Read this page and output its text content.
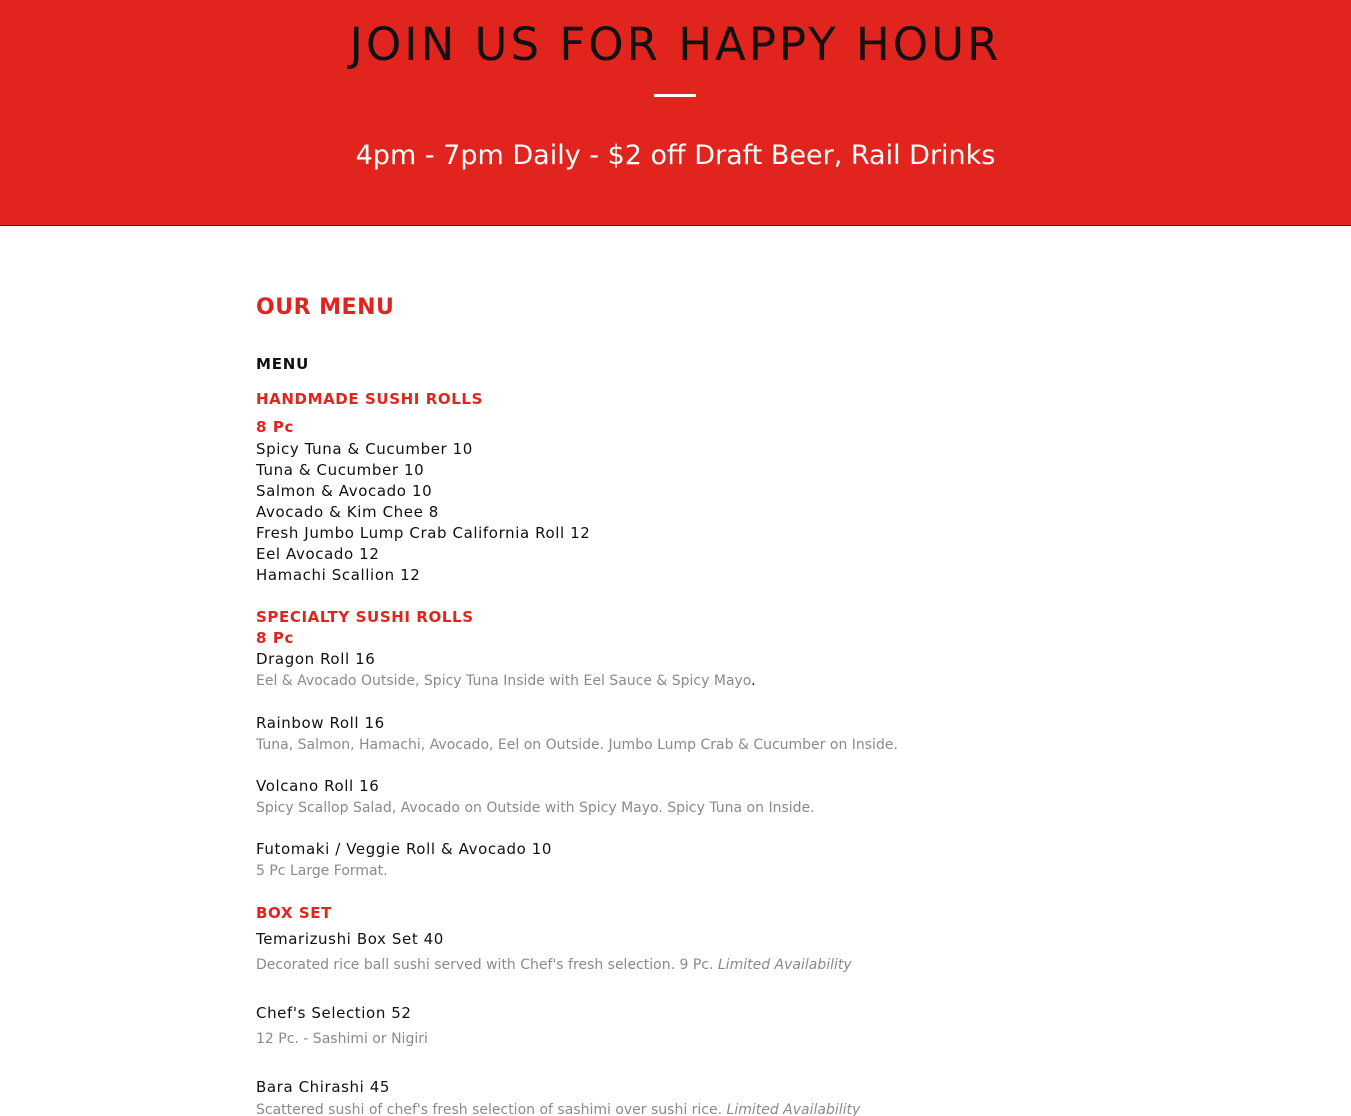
JOIN US FOR HAPPY HOUR

4pm - 7pm Daily - $2 off Draft Beer, Rail Drinks

OUR MENU
MENU
HANDMADE SUSHI ROLLS
8 Pc
Spicy Tuna & Cucumber 10
Tuna & Cucumber 10
Salmon & Avocado 10
Avocado & Kim Chee 8
Fresh Jumbo Lump Crab California Roll 12
Eel Avocado 12
Hamachi Scallion 12
SPECIALTY SUSHI ROLLS
8 Pc
Dragon Roll 16
Eel & Avocado Outside, Spicy Tuna Inside with Eel Sauce & Spicy Mayo.
Rainbow Roll 16
Tuna, Salmon, Hamachi, Avocado, Eel on Outside. Jumbo Lump Crab & Cucumber on Inside.
Volcano Roll 16
Spicy Scallop Salad, Avocado on Outside with Spicy Mayo. Spicy Tuna on Inside.
Futomaki / Veggie Roll & Avocado 10
5 Pc Large Format.
BOX SET
Temarizushi Box Set 40
Decorated rice ball sushi served with Chef's fresh selection. 9 Pc. Limited Availability
Chef's Selection 52
12 Pc. - Sashimi or Nigiri
Bara Chirashi 45
Scattered sushi of chef's fresh selection of sashimi over sushi rice. Limited Availability
